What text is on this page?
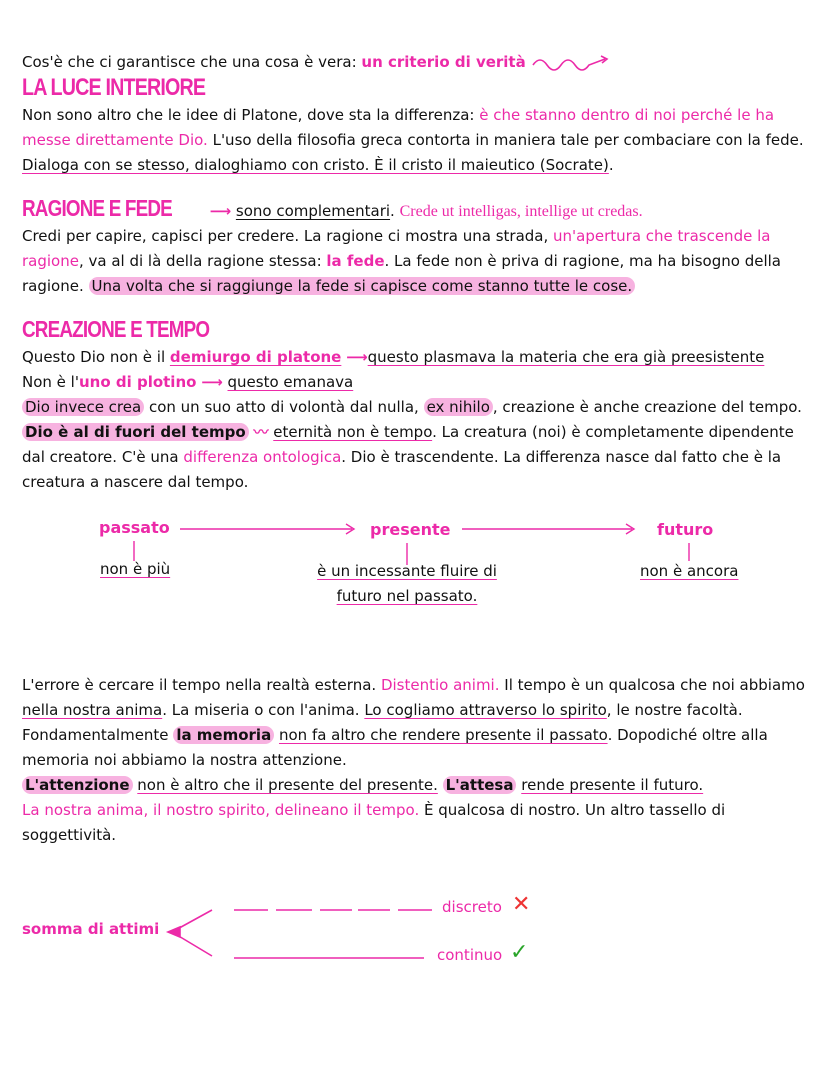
Cos'è che ci garantisce che una cosa è vera: un criterio di verità LA LUCE INTERIORE
Non sono altro che le idee di Platone, dove sta la differenza: è che stanno dentro di noi perché le ha messe direttamente Dio. L'uso della filosofia greca contorta in maniera tale per combaciare con la fede. Dialoga con se stesso, dialoghiamo con cristo. È il cristo il maieutico (Socrate).

RAGIONE E FEDE	⟶ sono complementari. Crede ut intelligas, intellige ut credas.
Credi per capire, capisci per credere. La ragione ci mostra una strada, un'apertura che trascende la ragione, va al di là della ragione stessa: la fede. La fede non è priva di ragione, ma ha bisogno della ragione. Una volta che si raggiunge la fede si capisce come stanno tutte le cose.

CREAZIONE E TEMPO
Questo Dio non è il demiurgo di platone ⟶questo plasmava la materia che era già preesistente
Non è l'uno di plotino ⟶ questo emanava
Dio invece crea con un suo atto di volontà dal nulla, ex nihilo , creazione è anche creazione del tempo. Dio è al di fuori del tempo 〰 eternità non è tempo. La creatura (noi) è completamente dipendente dal creatore. C'è una differenza ontologica. Dio è trascendente. La differenza nasce dal fatto che è la creatura a nascere dal tempo.

passato	presente	futuro
non è più	è un incessante fluire di
futuro nel passato.
non è ancora

L'errore è cercare il tempo nella realtà esterna. Distentio animi. Il tempo è un qualcosa che noi abbiamo nella nostra anima. La miseria o con l'anima. Lo cogliamo attraverso lo spirito, le nostre facoltà. Fondamentalmente la memoria non fa altro che rendere presente il passato. Dopodiché oltre alla memoria noi abbiamo la nostra attenzione.
L'attenzione non è altro che il presente del presente. L'attesa rende presente il futuro.
La nostra anima, il nostro spirito, delineano il tempo. È qualcosa di nostro. Un altro tassello di soggettività.

somma di attimi
discreto ✕
continuo ✓
